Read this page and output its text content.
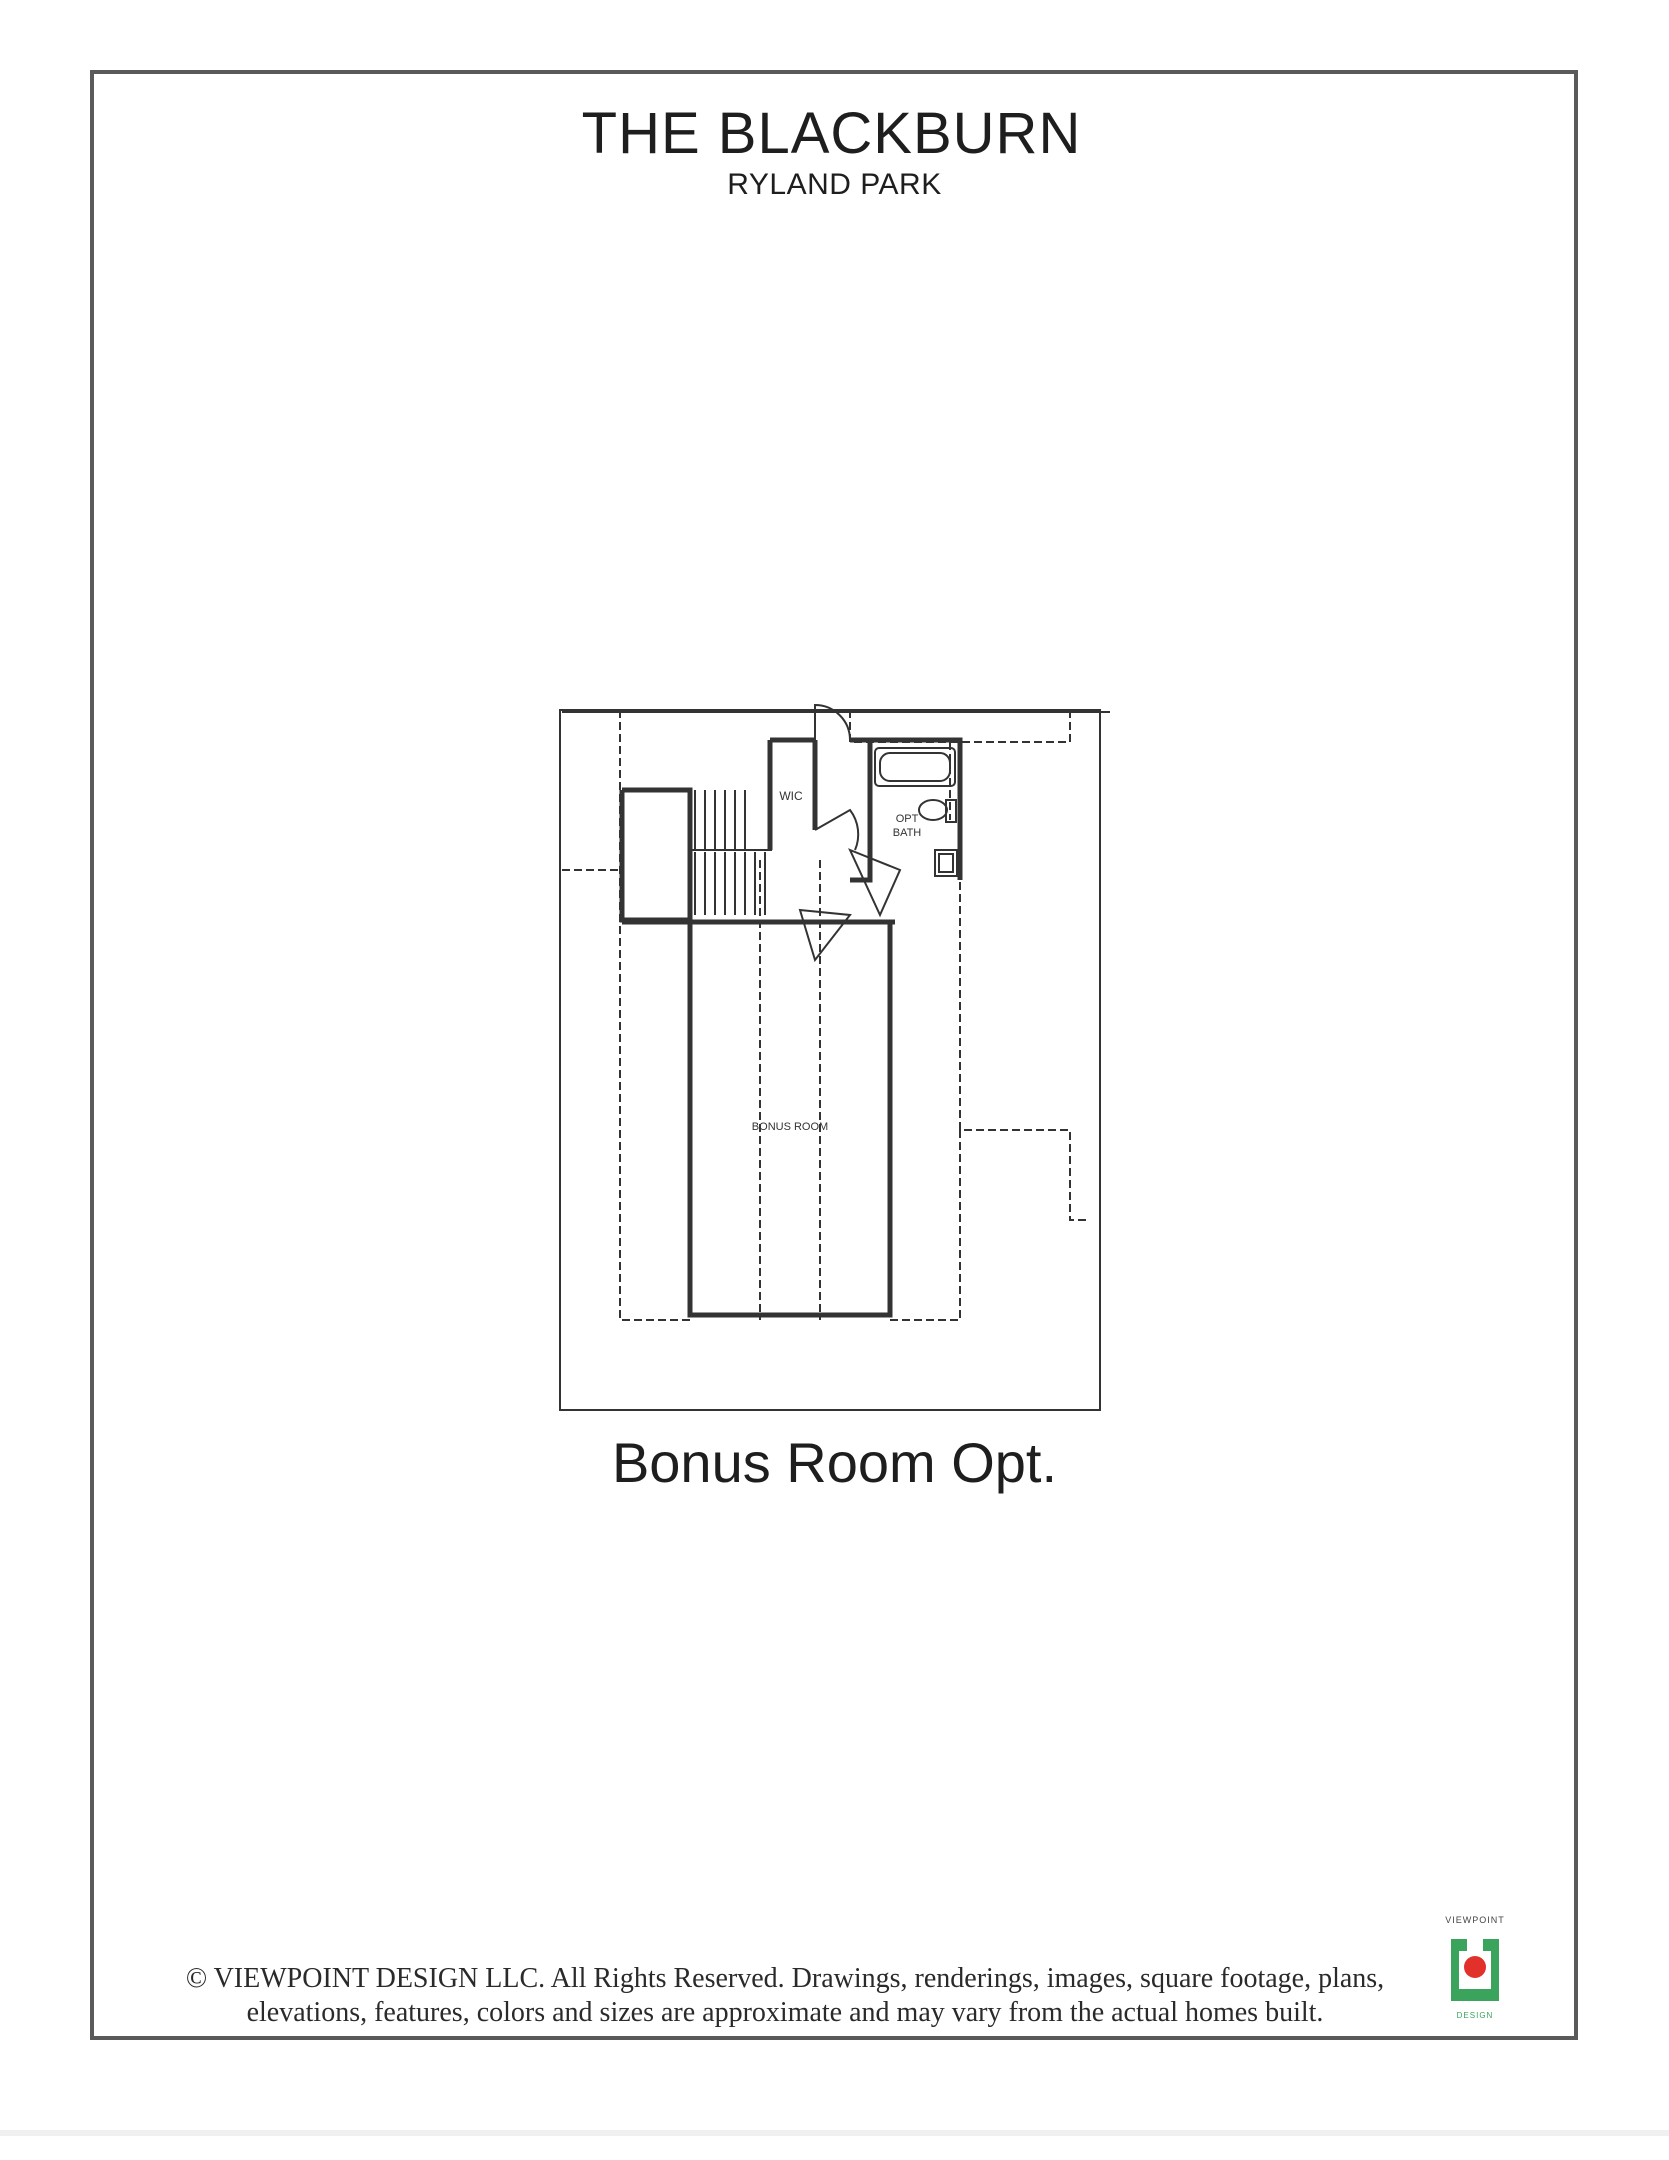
THE BLACKBURN
RYLAND PARK
WIC
OPT
BATH
BONUS ROOM
Bonus Room Opt.
© VIEWPOINT DESIGN LLC. All Rights Reserved. Drawings, renderings, images, square footage, plans,
elevations, features, colors and sizes are approximate and may vary from the actual homes built.
VIEWPOINT
DESIGN
